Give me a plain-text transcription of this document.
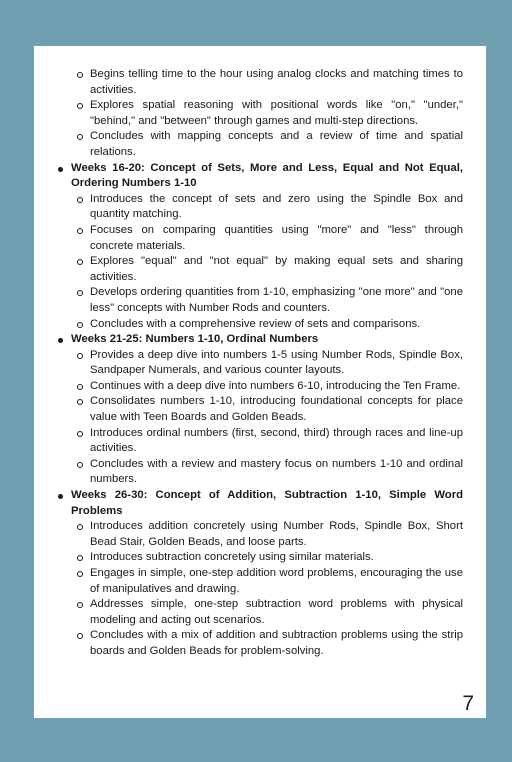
Begins telling time to the hour using analog clocks and matching times to activities.
Explores spatial reasoning with positional words like "on," "under," "behind," and "between" through games and multi-step directions.
Concludes with mapping concepts and a review of time and spatial relations.
Weeks 16-20: Concept of Sets, More and Less, Equal and Not Equal, Ordering Numbers 1-10
Introduces the concept of sets and zero using the Spindle Box and quantity matching.
Focuses on comparing quantities using "more" and "less" through concrete materials.
Explores "equal" and "not equal" by making equal sets and sharing activities.
Develops ordering quantities from 1-10, emphasizing "one more" and "one less" concepts with Number Rods and counters.
Concludes with a comprehensive review of sets and comparisons.
Weeks 21-25: Numbers 1-10, Ordinal Numbers
Provides a deep dive into numbers 1-5 using Number Rods, Spindle Box, Sandpaper Numerals, and various counter layouts.
Continues with a deep dive into numbers 6-10, introducing the Ten Frame.
Consolidates numbers 1-10, introducing foundational concepts for place value with Teen Boards and Golden Beads.
Introduces ordinal numbers (first, second, third) through races and line-up activities.
Concludes with a review and mastery focus on numbers 1-10 and ordinal numbers.
Weeks 26-30: Concept of Addition, Subtraction 1-10, Simple Word Problems
Introduces addition concretely using Number Rods, Spindle Box, Short Bead Stair, Golden Beads, and loose parts.
Introduces subtraction concretely using similar materials.
Engages in simple, one-step addition word problems, encouraging the use of manipulatives and drawing.
Addresses simple, one-step subtraction word problems with physical modeling and acting out scenarios.
Concludes with a mix of addition and subtraction problems using the strip boards and Golden Beads for problem-solving.
7
